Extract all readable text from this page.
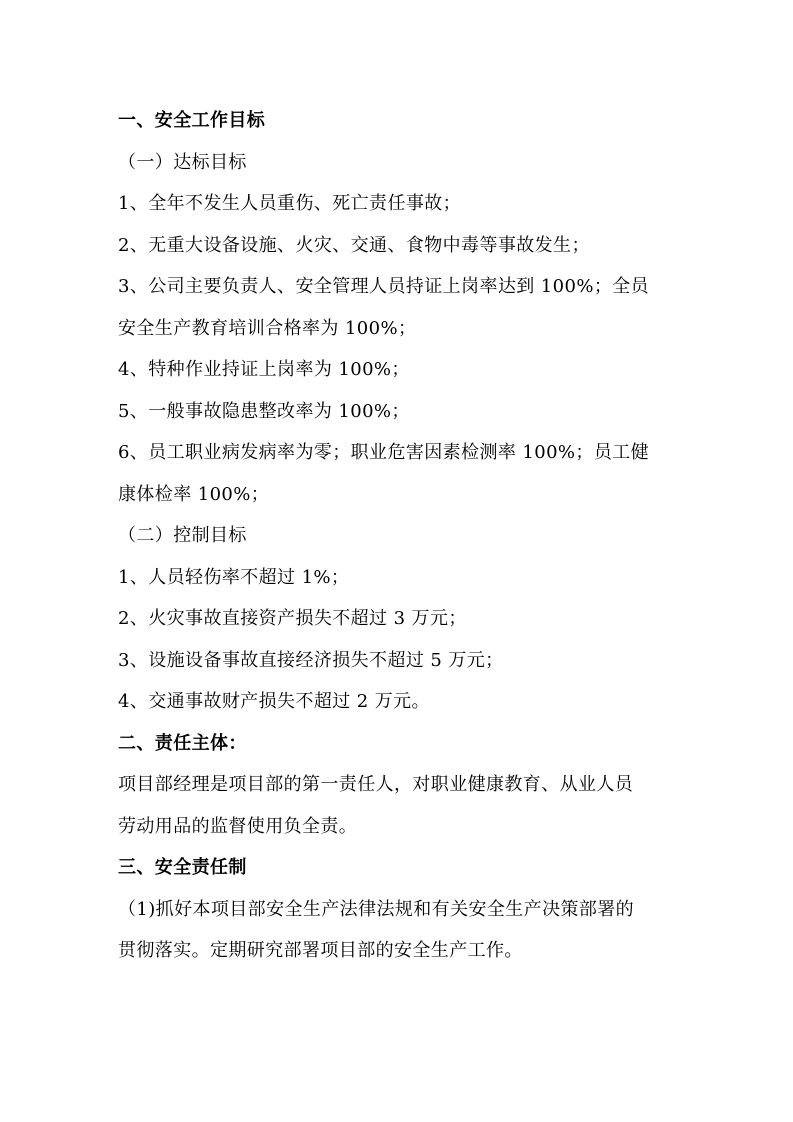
一、安全工作目标
（一）达标目标
1、全年不发生人员重伤、死亡责任事故；
2、无重大设备设施、火灾、交通、食物中毒等事故发生；
3、公司主要负责人、安全管理人员持证上岗率达到 100%；全员
安全生产教育培训合格率为 100%；
4、特种作业持证上岗率为 100%；
5、一般事故隐患整改率为 100%；
6、员工职业病发病率为零；职业危害因素检测率 100%；员工健
康体检率 100%；
（二）控制目标
1、人员轻伤率不超过 1%；
2、火灾事故直接资产损失不超过 3 万元；
3、设施设备事故直接经济损失不超过 5 万元；
4、交通事故财产损失不超过 2 万元。
二、责任主体：
项目部经理是项目部的第一责任人，对职业健康教育、从业人员
劳动用品的监督使用负全责。
三、安全责任制
（1)抓好本项目部安全生产法律法规和有关安全生产决策部署的
贯彻落实。定期研究部署项目部的安全生产工作。
